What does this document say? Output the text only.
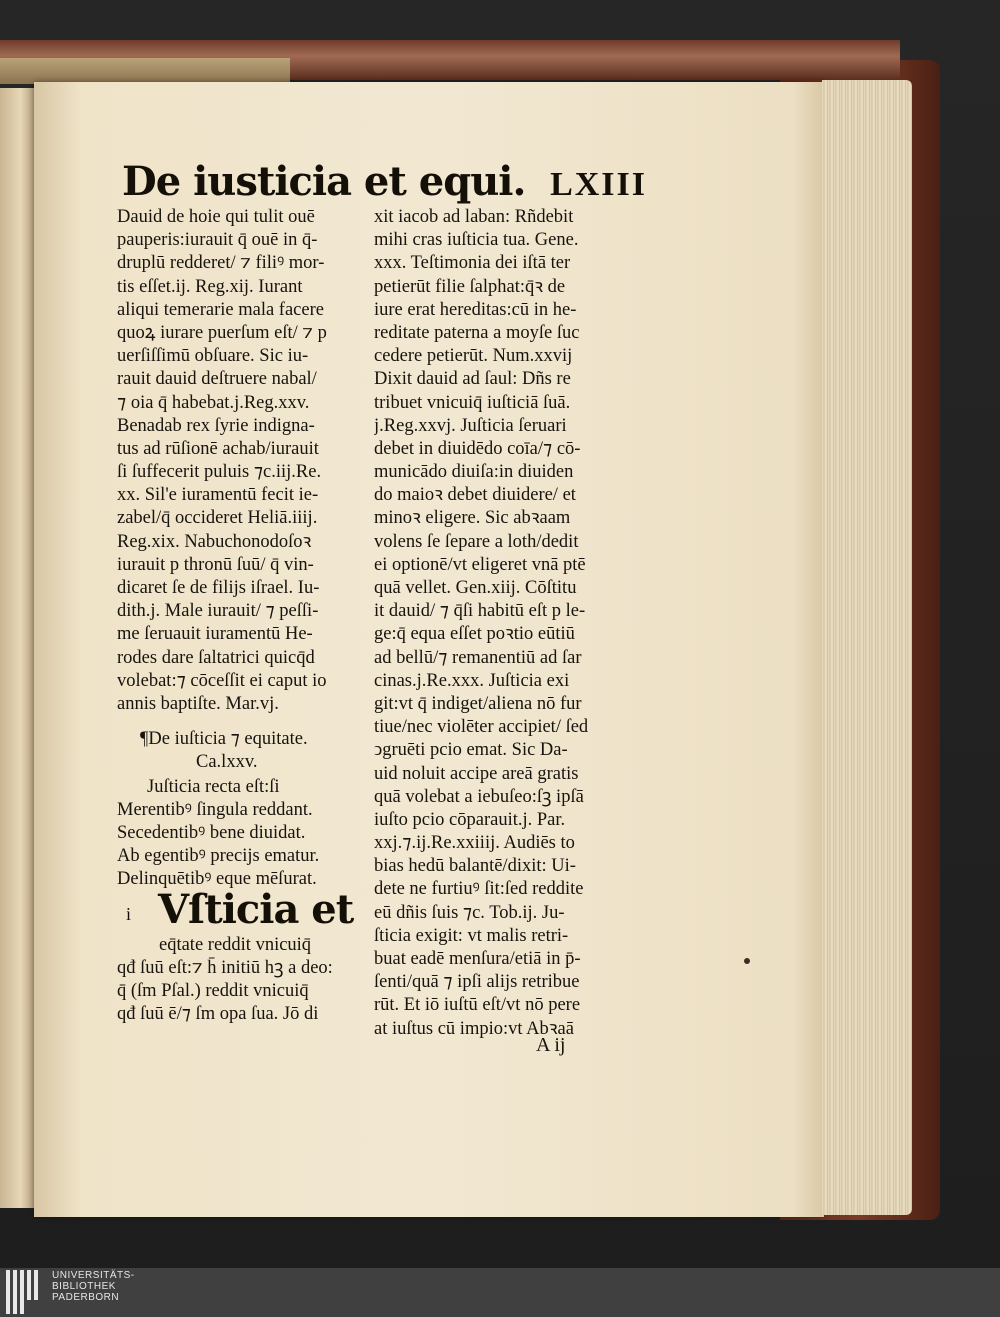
De iusticia et equi. LXIII
Dauid de hoie qui tulit ouē
pauperis:iurauit q̄ ouē in q̄-
druplū redderet/ ⁊ filiꝰ mor-
tis eſſet.ij. Reg.xij. Iurant
aliqui temerarie mala facere
quoꝝ iurare puerſum eſt/ ⁊ p
uerſiſſimū obſuare. Sic iu-
rauit dauid deſtruere nabal/
⁊ oia q̄ habebat.j.Reg.xxv.
Benadab rex ſyrie indigna-
tus ad rūſionē achab/iurauit
ſi ſuffecerit puluis ⁊c.iij.Re.
xx. Sil'e iuramentū fecit ie-
zabel/q̄ occideret Heliā.iiij.
Reg.xix. Nabuchonodoſoꝛ
iurauit p thronū ſuū/ q̄ vin-
dicaret ſe de filijs iſrael. Iu-
dith.j. Male iurauit/ ⁊ peſſi-
me ſeruauit iuramentū He-
rodes dare ſaltatrici quicq̄d
volebat:⁊ cōceſſit ei caput io
annis baptiſte. Mar.vj.
¶De iuſticia ⁊ equitate.
Ca.lxxv.
Juſticia recta eſt:ſi
Merentibꝰ ſingula reddant.
Secedentibꝰ bene diuidat.
Ab egentibꝰ precijs ematur.
Delinquētibꝰ eque mēſurat.
i Vſticia et
eq̄tate reddit vnicuiq̄
qđ ſuū eſt:⁊ h̄ initiū hꝫ a deo:
q̄ (ſm Pſal.) reddit vnicuiq̄
qđ ſuū ē/⁊ ſm opa ſua. Jō di
xit iacob ad laban: Rñdebit
mihi cras iuſticia tua. Gene.
xxx. Teſtimonia dei iſtā ter
petierūt filie ſalphat:q̄ꝛ de
iure erat hereditas:cū in he-
reditate paterna a moyſe ſuc
cedere petierūt. Num.xxvij
Dixit dauid ad ſaul: Dñs re
tribuet vnicuiq̄ iuſticiā ſuā.
j.Reg.xxvj. Juſticia ſeruari
debet in diuidēdo coīa/⁊ cō-
municādo diuiſa:in diuiden
do maioꝛ debet diuidere/ et
minoꝛ eligere. Sic abꝛaam
volens ſe ſepare a loth/dedit
ei optionē/vt eligeret vnā ptē
quā vellet. Gen.xiij. Cōſtitu
it dauid/ ⁊ q̄ſi habitū eſt p le-
ge:q̄ equa eſſet poꝛtio eūtiū
ad bellū/⁊ remanentiū ad ſar
cinas.j.Re.xxx. Juſticia exi
git:vt q̄ indiget/aliena nō fur
tiue/nec violēter accipiet/ ſed
ↄgruēti pcio emat. Sic Da-
uid noluit accipe areā gratis
quā volebat a iebuſeo:ſꝫ ipſā
iuſto pcio cōparauit.j. Par.
xxj.⁊.ij.Re.xxiiij. Audiēs to
bias hedū balantē/dixit: Ui-
dete ne furtiuꝰ ſit:ſed reddite
eū dñis ſuis ⁊c. Tob.ij. Ju-
ſticia exigit: vt malis retri-
buat eadē menſura/etiā in p̄-
ſenti/quā ⁊ ipſi alijs retribue
rūt. Et iō iuſtū eſt/vt nō pere
at iuſtus cū impio:vt Abꝛaā
A ij
UNIVERSITÄTS-
BIBLIOTHEK
PADERBORN
